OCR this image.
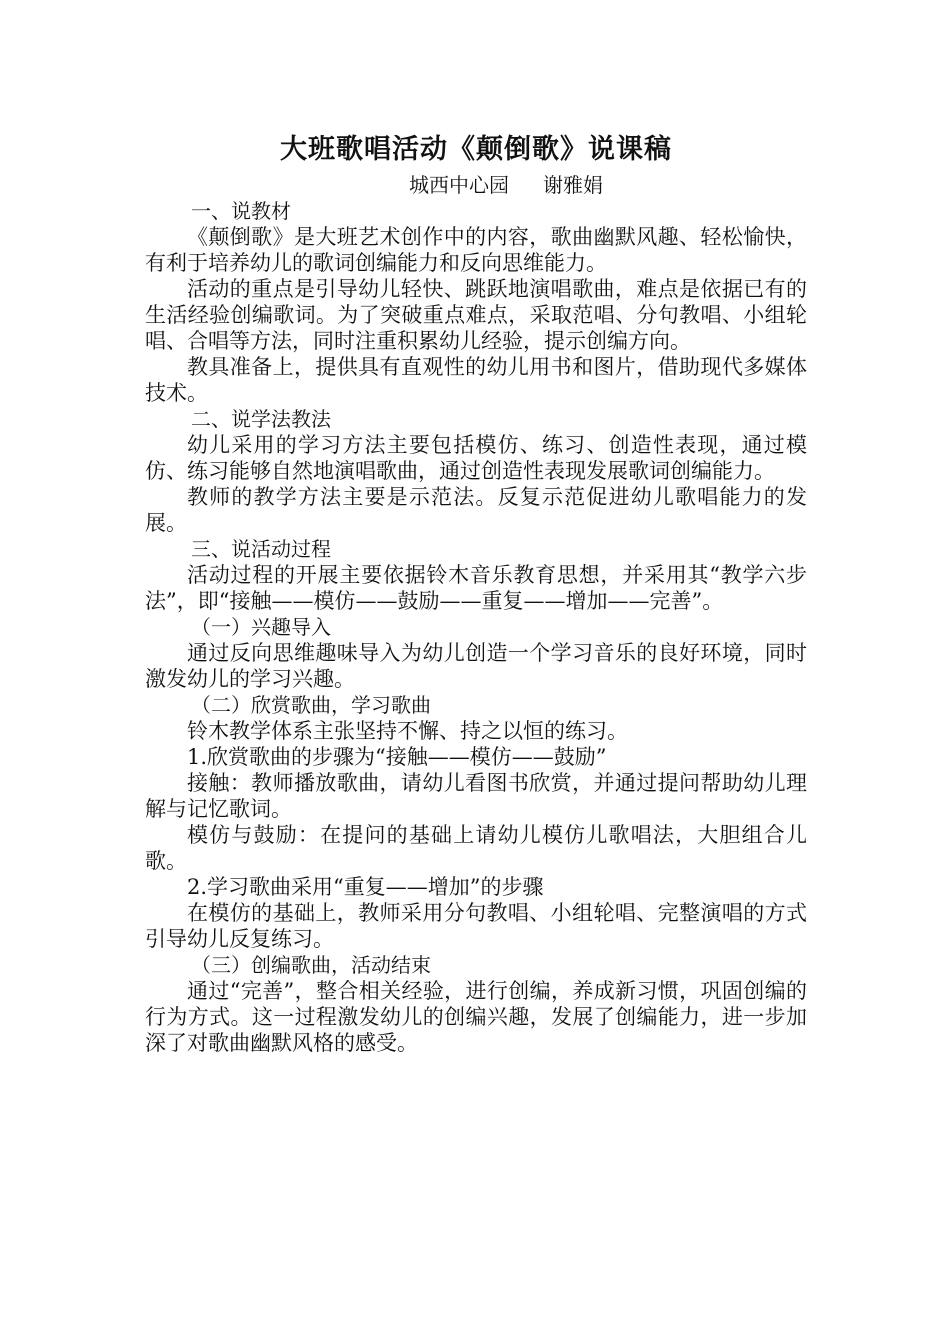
大班歌唱活动《颠倒歌》说课稿

城西中心园 谢雅娟

一、说教材

《颠倒歌》是大班艺术创作中的内容，歌曲幽默风趣、轻松愉快，有利于培养幼儿的歌词创编能力和反向思维能力。

活动的重点是引导幼儿轻快、跳跃地演唱歌曲，难点是依据已有的生活经验创编歌词。为了突破重点难点，采取范唱、分句教唱、小组轮唱、合唱等方法，同时注重积累幼儿经验，提示创编方向。

教具准备上，提供具有直观性的幼儿用书和图片，借助现代多媒体技术。

二、说学法教法

幼儿采用的学习方法主要包括模仿、练习、创造性表现，通过模仿、练习能够自然地演唱歌曲，通过创造性表现发展歌词创编能力。

教师的教学方法主要是示范法。反复示范促进幼儿歌唱能力的发展。

三、说活动过程

活动过程的开展主要依据铃木音乐教育思想，并采用其“教学六步法”，即“接触——模仿——鼓励——重复——增加——完善”。

（一）兴趣导入

通过反向思维趣味导入为幼儿创造一个学习音乐的良好环境，同时激发幼儿的学习兴趣。

（二）欣赏歌曲，学习歌曲

铃木教学体系主张坚持不懈、持之以恒的练习。

1.欣赏歌曲的步骤为“接触——模仿——鼓励”

接触：教师播放歌曲，请幼儿看图书欣赏，并通过提问帮助幼儿理解与记忆歌词。

模仿与鼓励：在提问的基础上请幼儿模仿儿歌唱法，大胆组合儿歌。

2.学习歌曲采用“重复——增加”的步骤

在模仿的基础上，教师采用分句教唱、小组轮唱、完整演唱的方式引导幼儿反复练习。

（三）创编歌曲，活动结束

通过“完善”，整合相关经验，进行创编，养成新习惯，巩固创编的行为方式。这一过程激发幼儿的创编兴趣，发展了创编能力，进一步加深了对歌曲幽默风格的感受。
